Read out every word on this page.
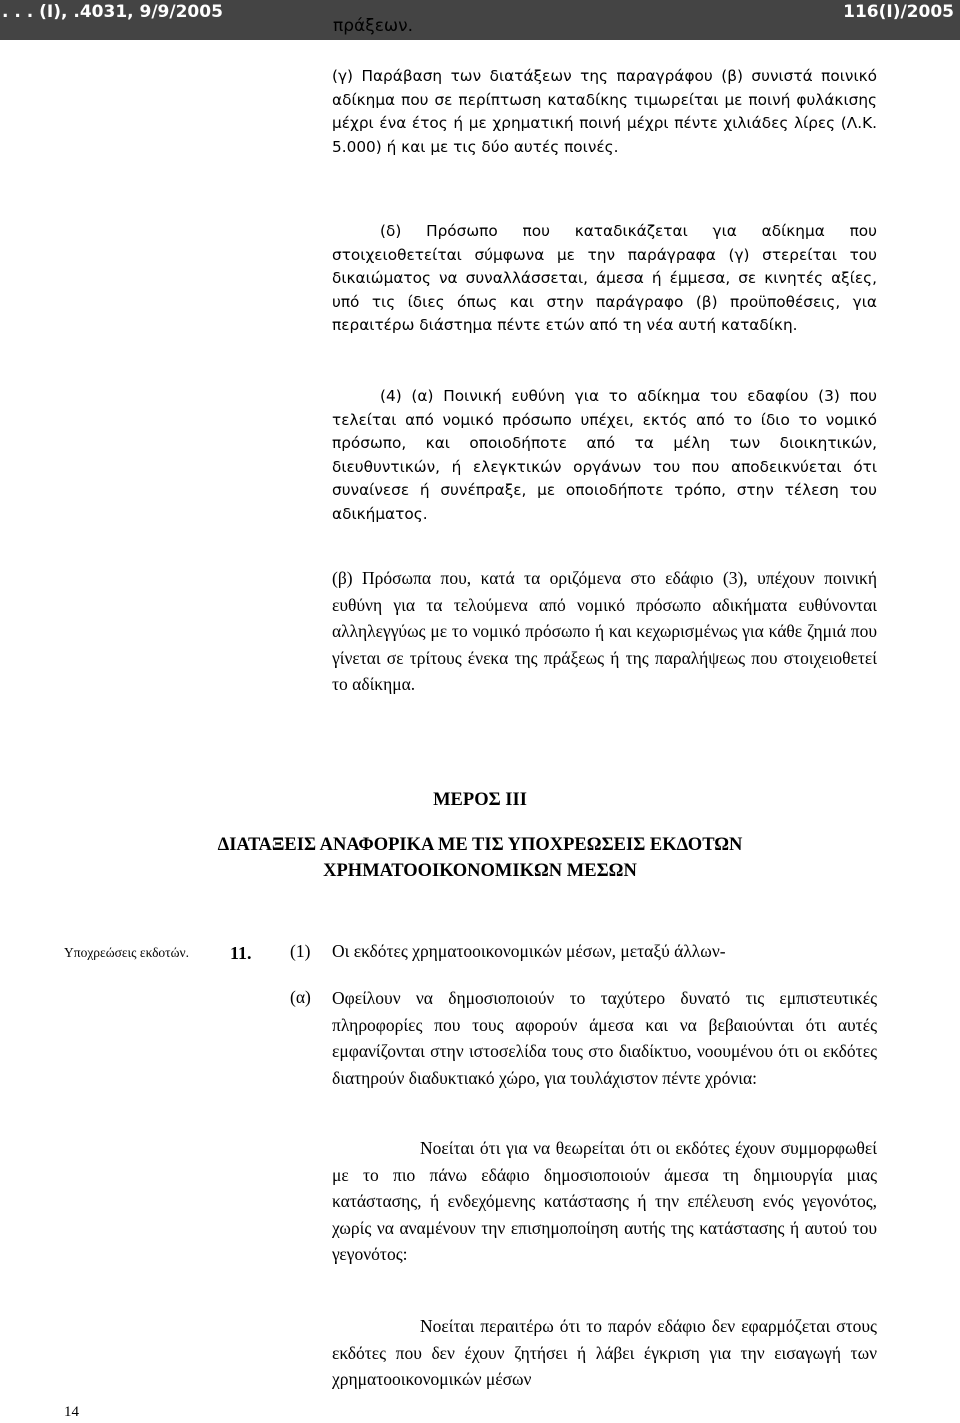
. . . (I), .4031, 9/9/2005	116(I)/2005
πράξεων.

(γ) Παράβαση των διατάξεων της παραγράφου (β) συνιστά ποινικό αδίκημα που σε περίπτωση καταδίκης τιμωρείται με ποινή φυλάκισης μέχρι ένα έτος ή με χρηματική ποινή μέχρι πέντε χιλιάδες λίρες (Λ.Κ. 5.000) ή και με τις δύο αυτές ποινές.

(δ) Πρόσωπο που καταδικάζεται για αδίκημα που στοιχειοθετείται σύμφωνα με την παράγραφα (γ) στερείται του δικαιώματος να συναλλάσσεται, άμεσα ή έμμεσα, σε κινητές αξίες, υπό τις ίδιες όπως και στην παράγραφο (β) προϋποθέσεις, για περαιτέρω διάστημα πέντε ετών από τη νέα αυτή καταδίκη.

(4) (α) Ποινική ευθύνη για το αδίκημα του εδαφίου (3) που τελείται από νομικό πρόσωπο υπέχει, εκτός από το ίδιο το νομικό πρόσωπο, και οποιοδήποτε από τα μέλη των διοικητικών, διευθυντικών, ή ελεγκτικών οργάνων του που αποδεικνύεται ότι συναίνεσε ή συνέπραξε, με οποιοδήποτε τρόπο, στην τέλεση του αδικήματος.

(β) Πρόσωπα που, κατά τα οριζόμενα στο εδάφιο (3), υπέχουν ποινική ευθύνη για τα τελούμενα από νομικό πρόσωπο αδικήματα ευθύνονται αλληλεγγύως με το νομικό πρόσωπο ή και κεχωρισμένως για κάθε ζημιά που γίνεται σε τρίτους ένεκα της πράξεως ή της παραλήψεως που στοιχειοθετεί το αδίκημα.

ΜΕΡΟΣ ΙΙΙ
ΔΙΑΤΑΞΕΙΣ ΑΝΑΦΟΡΙΚΑ ΜΕ ΤΙΣ ΥΠΟΧΡΕΩΣΕΙΣ ΕΚΔΟΤΩΝ
ΧΡΗΜΑΤΟΟΙΚΟΝΟΜΙΚΩΝ ΜΕΣΩΝ
Υποχρεώσεις εκδοτών. 11. (1) Οι εκδότες χρηματοοικονομικών μέσων, μεταξύ άλλων-
(α) Οφείλουν να δημοσιοποιούν το ταχύτερο δυνατό τις εμπιστευτικές πληροφορίες που τους αφορούν άμεσα και να βεβαιούνται ότι αυτές εμφανίζονται στην ιστοσελίδα τους στο διαδίκτυο, νοουμένου ότι οι εκδότες διατηρούν διαδυκτιακό χώρο, για τουλάχιστον πέντε χρόνια:

Νοείται ότι για να θεωρείται ότι οι εκδότες έχουν συμμορφωθεί με το πιο πάνω εδάφιο δημοσιοποιούν άμεσα τη δημιουργία μιας κατάστασης, ή ενδεχόμενης κατάστασης ή την επέλευση ενός γεγονότος, χωρίς να αναμένουν την επισημοποίηση αυτής της κατάστασης ή αυτού του γεγονότος:

Νοείται περαιτέρω ότι το παρόν εδάφιο δεν εφαρμόζεται στους εκδότες που δεν έχουν ζητήσει ή λάβει έγκριση για την εισαγωγή των χρηματοοικονομικών μέσων

14
